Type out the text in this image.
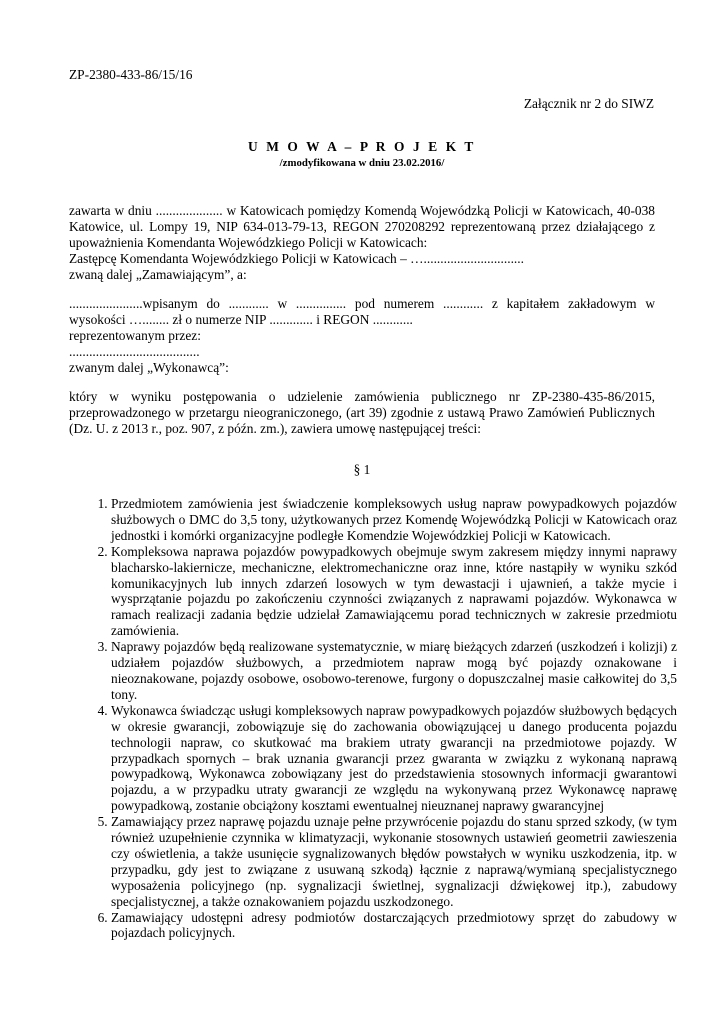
ZP-2380-433-86/15/16
Załącznik nr 2 do SIWZ
U M O W A – P R O J E K T
/zmodyfikowana w dniu 23.02.2016/

zawarta w dniu .................... w Katowicach pomiędzy Komendą Wojewódzką Policji w Katowicach, 40-038

Katowice, ul. Lompy 19, NIP 634-013-79-13, REGON 270208292 reprezentowaną przez działającego z

upoważnienia Komendanta Wojewódzkiego Policji w Katowicach:

Zastępcę Komendanta Wojewódzkiego Policji w Katowicach – …..............................

zwaną dalej „Zamawiającym”, a:

......................wpisanym do ............ w ............... pod numerem ............ z kapitałem zakładowym w

wysokości …........ zł o numerze NIP ............. i REGON ............

reprezentowanym przez:

.......................................

zwanym dalej „Wykonawcą”:

który w wyniku postępowania o udzielenie zamówienia publicznego nr ZP-2380-435-86/2015,

przeprowadzonego w przetargu nieograniczonego, (art 39) zgodnie z ustawą Prawo Zamówień Publicznych

(Dz. U. z 2013 r., poz. 907, z późn. zm.), zawiera umowę następującej treści:

§ 1
1. Przedmiotem zamówienia jest świadczenie kompleksowych usług napraw powypadkowych pojazdów służbowych o DMC do 3,5 tony, użytkowanych przez Komendę Wojewódzką Policji w Katowicach oraz jednostki i komórki organizacyjne podległe Komendzie Wojewódzkiej Policji w Katowicach.
2. Kompleksowa naprawa pojazdów powypadkowych obejmuje swym zakresem między innymi naprawy blacharsko-lakiernicze, mechaniczne, elektromechaniczne oraz inne, które nastąpiły w wyniku szkód komunikacyjnych lub innych zdarzeń losowych w tym dewastacji i ujawnień, a także mycie i wysprzątanie pojazdu po zakończeniu czynności związanych z naprawami pojazdów. Wykonawca w ramach realizacji zadania będzie udzielał Zamawiającemu porad technicznych w zakresie przedmiotu zamówienia.
3. Naprawy pojazdów będą realizowane systematycznie, w miarę bieżących zdarzeń (uszkodzeń i kolizji) z udziałem pojazdów służbowych, a przedmiotem napraw mogą być pojazdy oznakowane i nieoznakowane, pojazdy osobowe, osobowo-terenowe, furgony o dopuszczalnej masie całkowitej do 3,5 tony.
4. Wykonawca świadcząc usługi kompleksowych napraw powypadkowych pojazdów służbowych będących w okresie gwarancji, zobowiązuje się do zachowania obowiązującej u danego producenta pojazdu technologii napraw, co skutkować ma brakiem utraty gwarancji na przedmiotowe pojazdy. W przypadkach spornych – brak uznania gwarancji przez gwaranta w związku z wykonaną naprawą powypadkową, Wykonawca zobowiązany jest do przedstawienia stosownych informacji gwarantowi pojazdu, a w przypadku utraty gwarancji ze względu na wykonywaną przez Wykonawcę naprawę powypadkową, zostanie obciążony kosztami ewentualnej nieuznanej naprawy gwarancyjnej
5. Zamawiający przez naprawę pojazdu uznaje pełne przywrócenie pojazdu do stanu sprzed szkody, (w tym również uzupełnienie czynnika w klimatyzacji, wykonanie stosownych ustawień geometrii zawieszenia czy oświetlenia, a także usunięcie sygnalizowanych błędów powstałych w wyniku uszkodzenia, itp. w przypadku, gdy jest to związane z usuwaną szkodą) łącznie z naprawą/wymianą specjalistycznego wyposażenia policyjnego (np. sygnalizacji świetlnej, sygnalizacji dźwiękowej itp.), zabudowy specjalistycznej, a także oznakowaniem pojazdu uszkodzonego.
6. Zamawiający udostępni adresy podmiotów dostarczających przedmiotowy sprzęt do zabudowy w pojazdach policyjnych.
